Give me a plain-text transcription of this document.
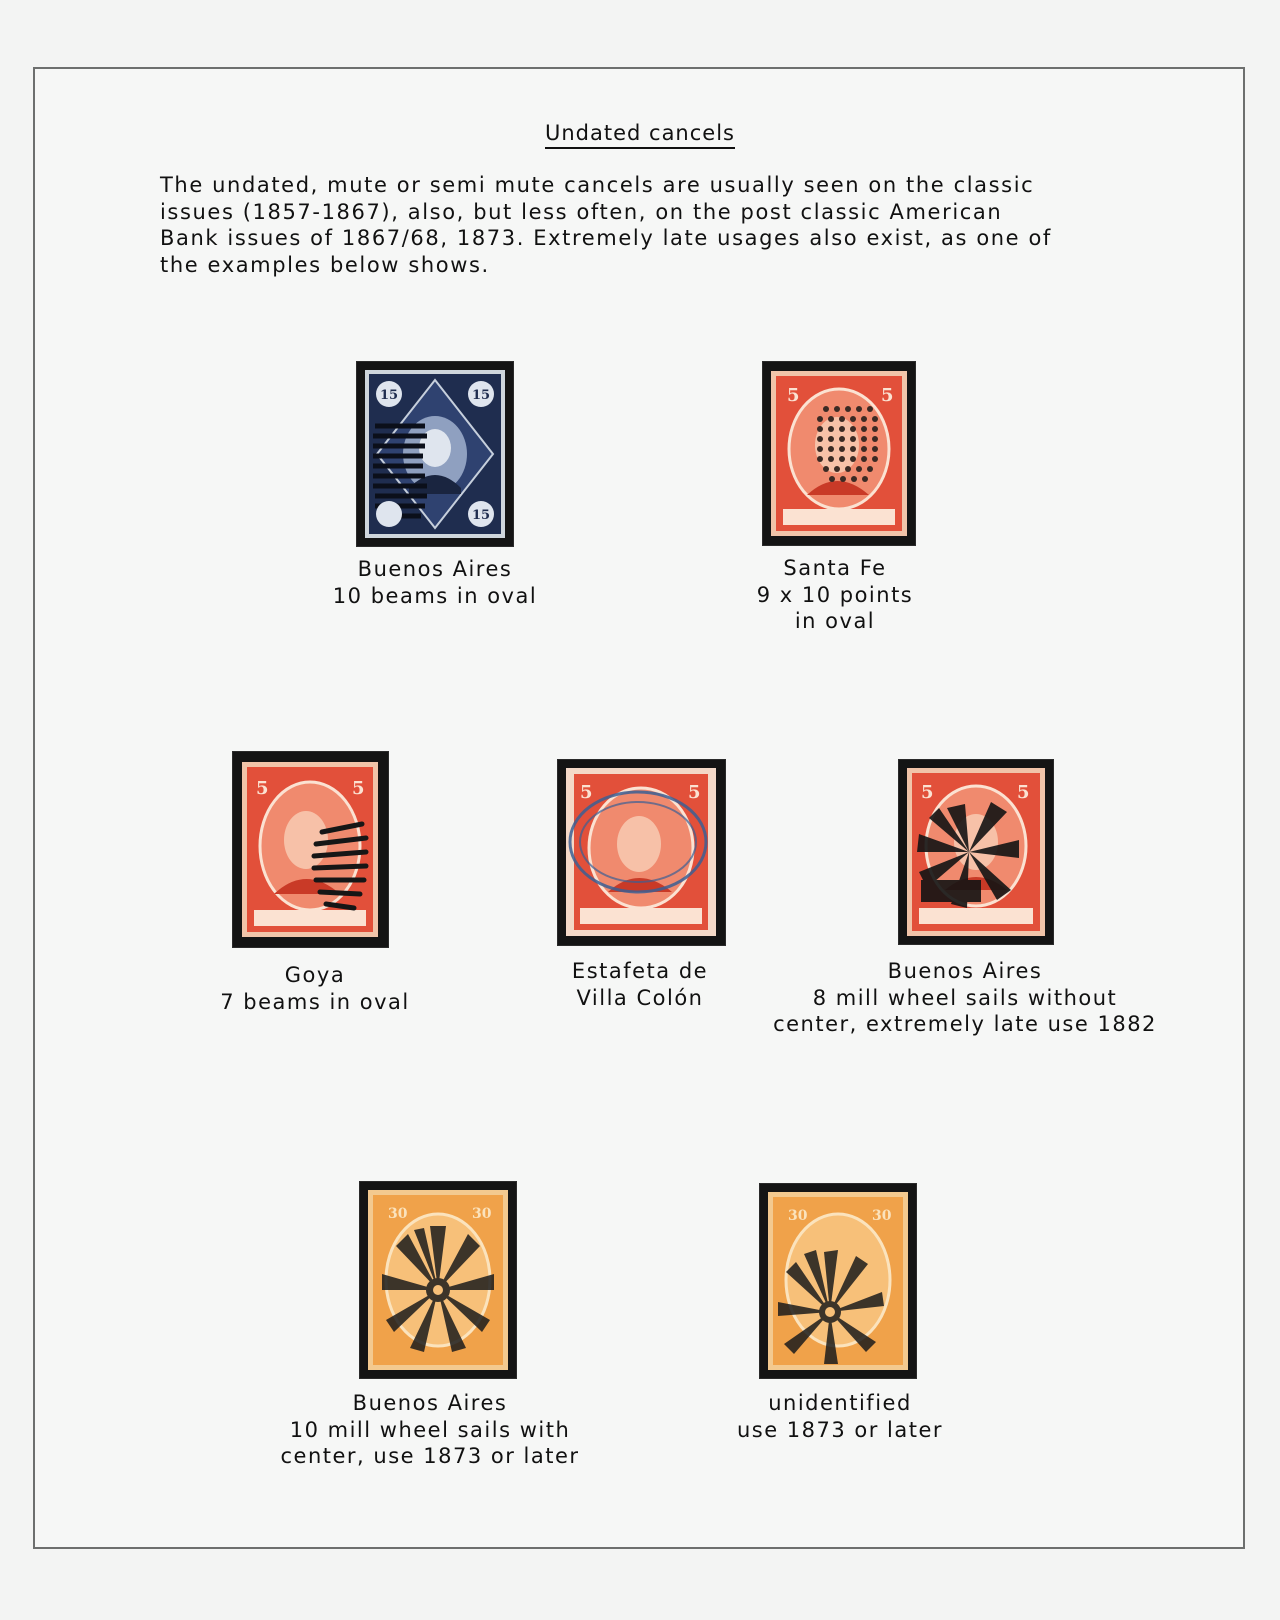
Undated cancels

The undated, mute or semi mute cancels are usually seen on the classic
issues (1857-1867), also, but less often, on the post classic American
Bank issues of 1867/68, 1873. Extremely late usages also exist, as one of
the examples below shows.

15	15
15
Buenos Aires
10 beams in oval
5	5
Santa Fe
9 x 10 points
in oval
5	5
Goya
7 beams in oval
5	5
Estafeta de
Villa Colón
5	5
Buenos Aires
8 mill wheel sails without
center, extremely late use 1882
30	30
Buenos Aires
10 mill wheel sails with
center, use 1873 or later
30	30
unidentified
use 1873 or later
